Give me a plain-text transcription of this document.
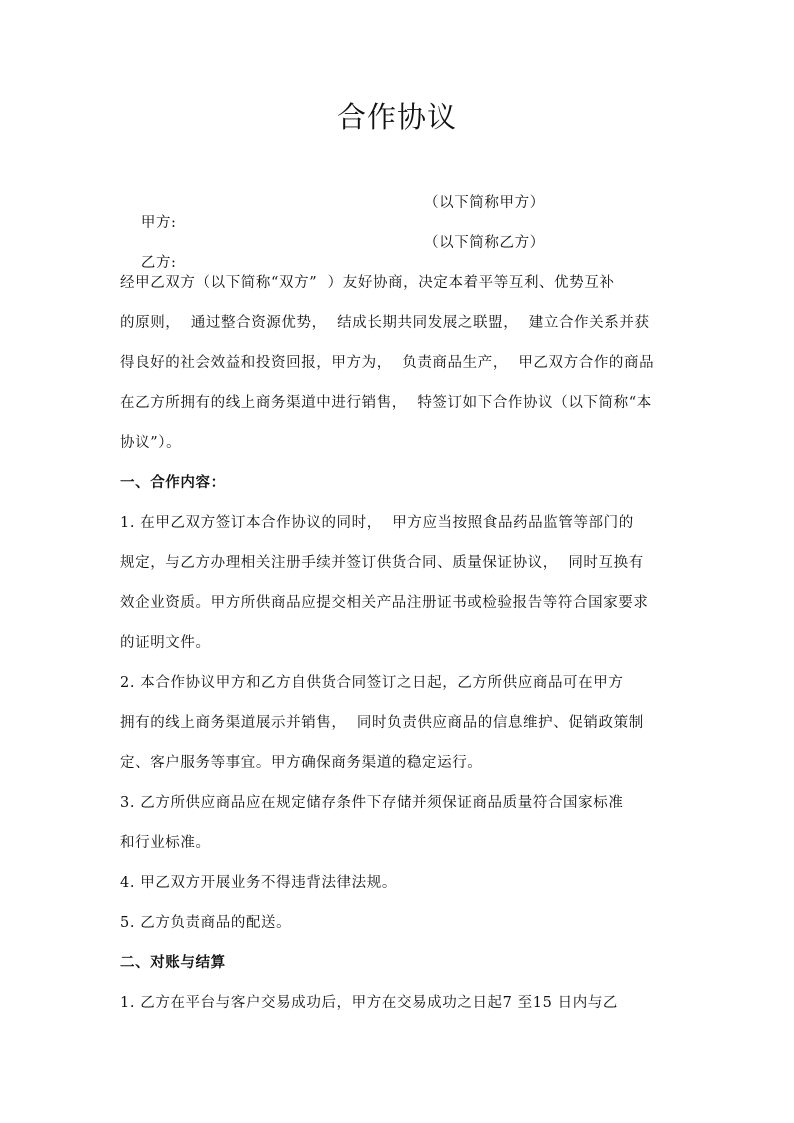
合作协议

甲方:

（以下简称甲方）

乙方:

（以下简称乙方）
经甲乙双方（以下简称“双方”  ）友好协商，决定本着平等互利、优势互补
的原则，  通过整合资源优势，  结成长期共同发展之联盟，  建立合作关系并获
得良好的社会效益和投资回报，甲方为，  负责商品生产，  甲乙双方合作的商品
在乙方所拥有的线上商务渠道中进行销售，  特签订如下合作协议（以下简称“本
协议”）。
一、合作内容：
1. 在甲乙双方签订本合作协议的同时，  甲方应当按照食品药品监管等部门的
规定，与乙方办理相关注册手续并签订供货合同、质量保证协议，  同时互换有
效企业资质。甲方所供商品应提交相关产品注册证书或检验报告等符合国家要求
的证明文件。
2. 本合作协议甲方和乙方自供货合同签订之日起，乙方所供应商品可在甲方
拥有的线上商务渠道展示并销售，  同时负责供应商品的信息维护、促销政策制
定、客户服务等事宜。甲方确保商务渠道的稳定运行。
3. 乙方所供应商品应在规定储存条件下存储并须保证商品质量符合国家标准
和行业标准。
4. 甲乙双方开展业务不得违背法律法规。
5. 乙方负责商品的配送。
二、对账与结算
1. 乙方在平台与客户交易成功后，甲方在交易成功之日起7 至15 日内与乙
